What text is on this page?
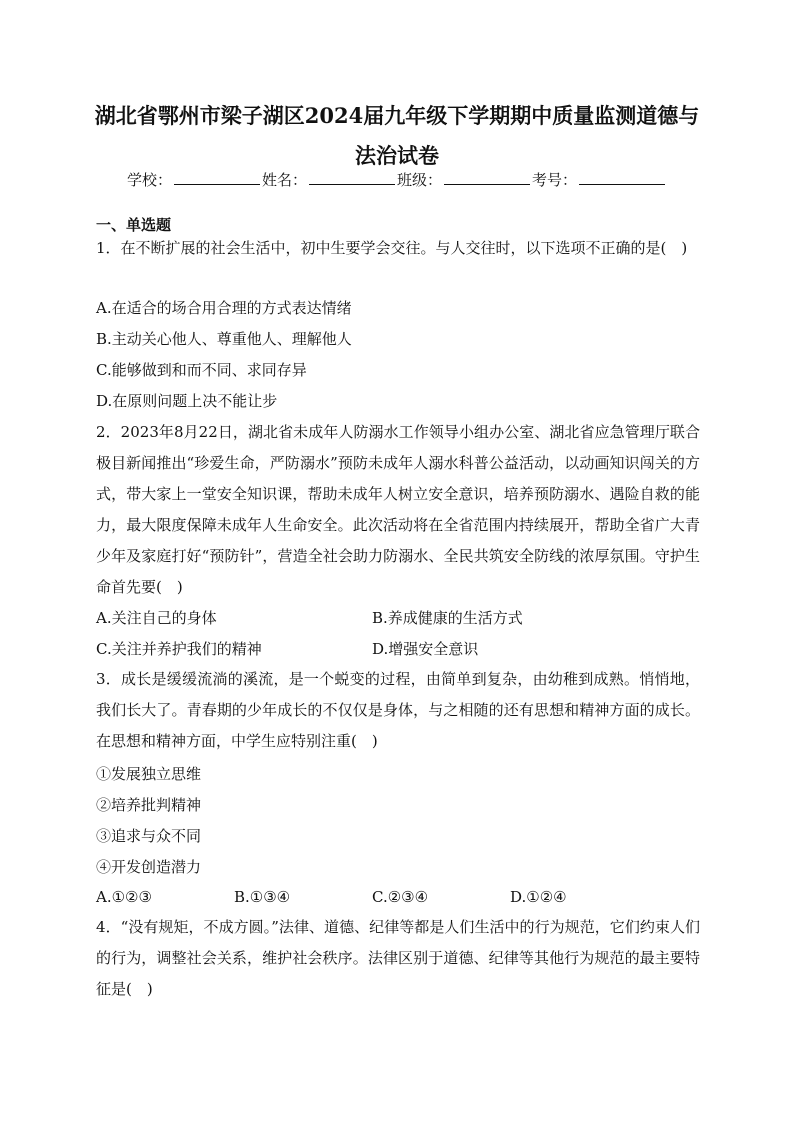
湖北省鄂州市梁子湖区2024届九年级下学期期中质量监测道德与法治试卷
学校：	姓名：	班级：	考号：
一、单选题
1．在不断扩展的社会生活中，初中生要学会交往。与人交往时，以下选项不正确的是(　)
A.在适合的场合用合理的方式表达情绪
B.主动关心他人、尊重他人、理解他人
C.能够做到和而不同、求同存异
D.在原则问题上决不能让步
2．2023年8月22日，湖北省未成年人防溺水工作领导小组办公室、湖北省应急管理厅联合极目新闻推出“珍爱生命，严防溺水”预防未成年人溺水科普公益活动，以动画知识闯关的方式，带大家上一堂安全知识课，帮助未成年人树立安全意识，培养预防溺水、遇险自救的能力，最大限度保障未成年人生命安全。此次活动将在全省范围内持续展开，帮助全省广大青少年及家庭打好“预防针”，营造全社会助力防溺水、全民共筑安全防线的浓厚氛围。守护生命首先要(　)
A.关注自己的身体	B.养成健康的生活方式
C.关注并养护我们的精神	D.增强安全意识
3．成长是缓缓流淌的溪流，是一个蜕变的过程，由简单到复杂，由幼稚到成熟。悄悄地，我们长大了。青春期的少年成长的不仅仅是身体，与之相随的还有思想和精神方面的成长。在思想和精神方面，中学生应特别注重(　)
①发展独立思维
②培养批判精神
③追求与众不同
④开发创造潜力
A.①②③	B.①③④	C.②③④	D.①②④
4．“没有规矩，不成方圆。”法律、道德、纪律等都是人们生活中的行为规范，它们约束人们的行为，调整社会关系，维护社会秩序。法律区别于道德、纪律等其他行为规范的最主要特征是(　)
